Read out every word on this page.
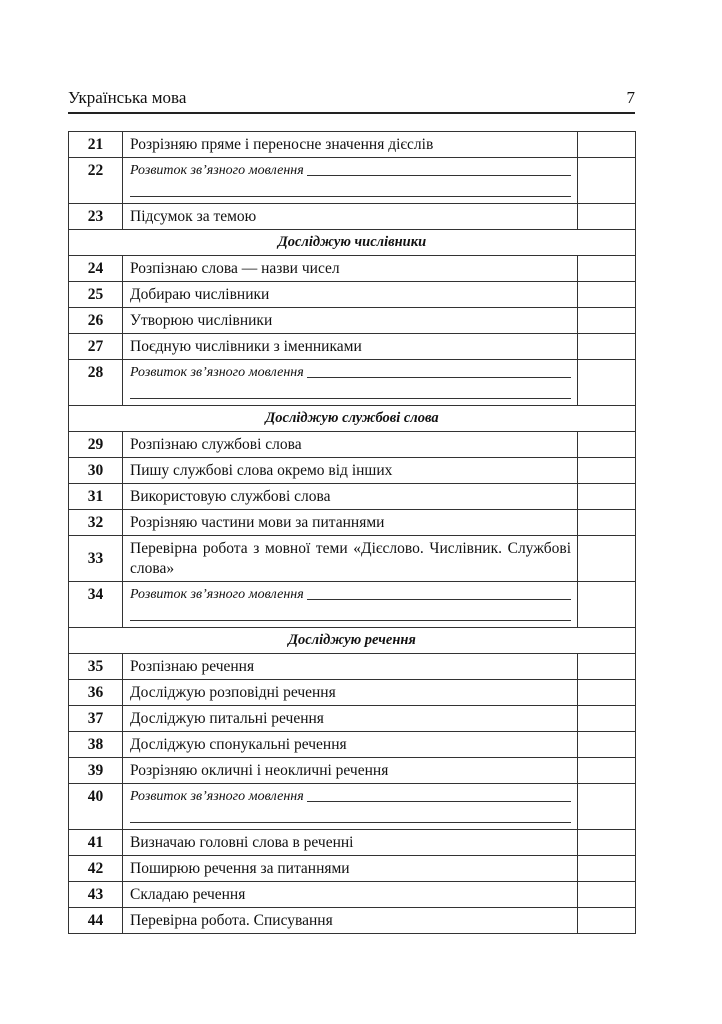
Українська мова	7
21	Розрізняю пряме і переносне значення дієслів	
22	Розвиток зв’язного мовлення	

23	Підсумок за темою	
Досліджую числівники		
24	Розпізнаю слова — назви чисел	
25	Добираю числівники	
26	Утворюю числівники	
27	Поєдную числівники з іменниками	
28	Розвиток зв’язного мовлення	

Досліджую службові слова		
29	Розпізнаю службові слова	
30	Пишу службові слова окремо від інших	
31	Використовую службові слова	
32	Розрізняю частини мови за питаннями	
33	Перевірна робота з мовної теми «Дієслово. Числівник. Службові слова»	
34	Розвиток зв’язного мовлення	

Досліджую речення		
35	Розпізнаю речення	
36	Досліджую розповідні речення	
37	Досліджую питальні речення	
38	Досліджую спонукальні речення	
39	Розрізняю окличні і неокличні речення	
40	Розвиток зв’язного мовлення	

41	Визначаю головні слова в реченні	
42	Поширюю речення за питаннями	
43	Складаю речення	
44	Перевірна робота. Списування	
